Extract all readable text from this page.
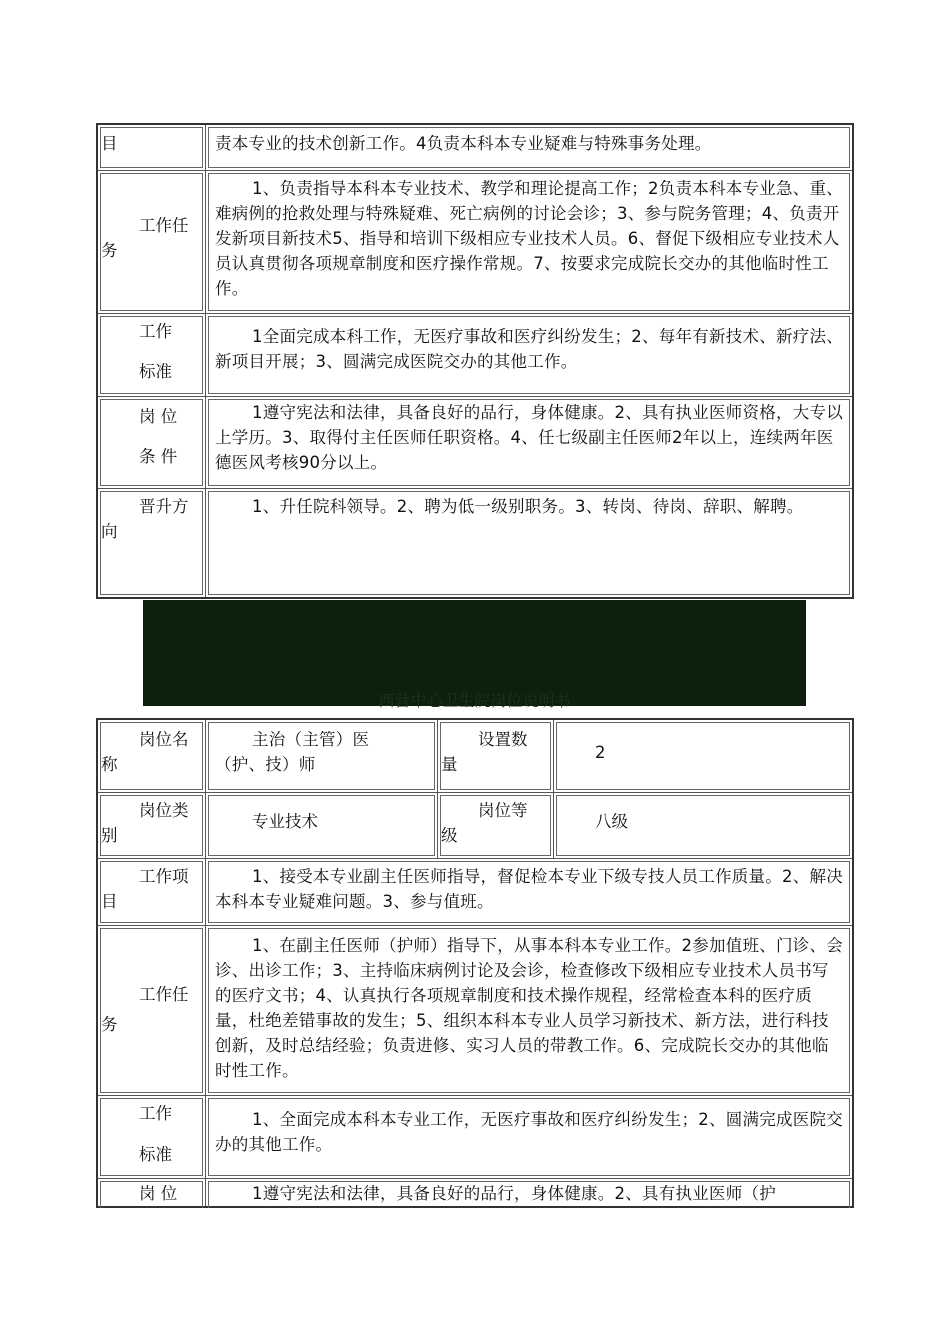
目	责本专业的技术创新工作。4负责本科本专业疑难与特殊事务处理。
工作任
务
1、负责指导本科本专业技术、教学和理论提高工作；2负责本科本专业急、重、难病例的抢救处理与特殊疑难、死亡病例的讨论会诊；3、参与院务管理；4、负责开发新项目新技术5、指导和培训下级相应专业技术人员。6、督促下级相应专业技术人员认真贯彻各项规章制度和医疗操作常规。7、按要求完成院长交办的其他临时性工作。
工作
标准
1全面完成本科工作，无医疗事故和医疗纠纷发生；2、每年有新技术、新疗法、新项目开展；3、圆满完成医院交办的其他工作。
岗 位
条 件
1遵守宪法和法律，具备良好的品行，身体健康。2、具有执业医师资格，大专以上学历。3、取得付主任医师任职资格。4、任七级副主任医师2年以上，连续两年医德医风考核90分以上。
晋升方
向
1、升任院科领导。2、聘为低一级别职务。3、转岗、待岗、辞职、解聘。
西营中心卫生院岗位说明书
岗位名
称
主治（主管）医
（护、技）师
设置数
量
2
岗位类
别
专业技术
岗位等
级
八级
工作项
目
1、接受本专业副主任医师指导，督促检本专业下级专技人员工作质量。2、解决本科本专业疑难问题。3、参与值班。
工作任
务
1、在副主任医师（护师）指导下，从事本科本专业工作。2参加值班、门诊、会诊、出诊工作；3、主持临床病例讨论及会诊，检查修改下级相应专业技术人员书写的医疗文书；4、认真执行各项规章制度和技术操作规程，经常检查本科的医疗质量，杜绝差错事故的发生；5、组织本科本专业人员学习新技术、新方法，进行科技创新，及时总结经验；负责进修、实习人员的带教工作。6、完成院长交办的其他临时性工作。
工作
标准
1、全面完成本科本专业工作，无医疗事故和医疗纠纷发生；2、圆满完成医院交办的其他工作。
岗 位	1遵守宪法和法律，具备良好的品行，身体健康。2、具有执业医师（护
